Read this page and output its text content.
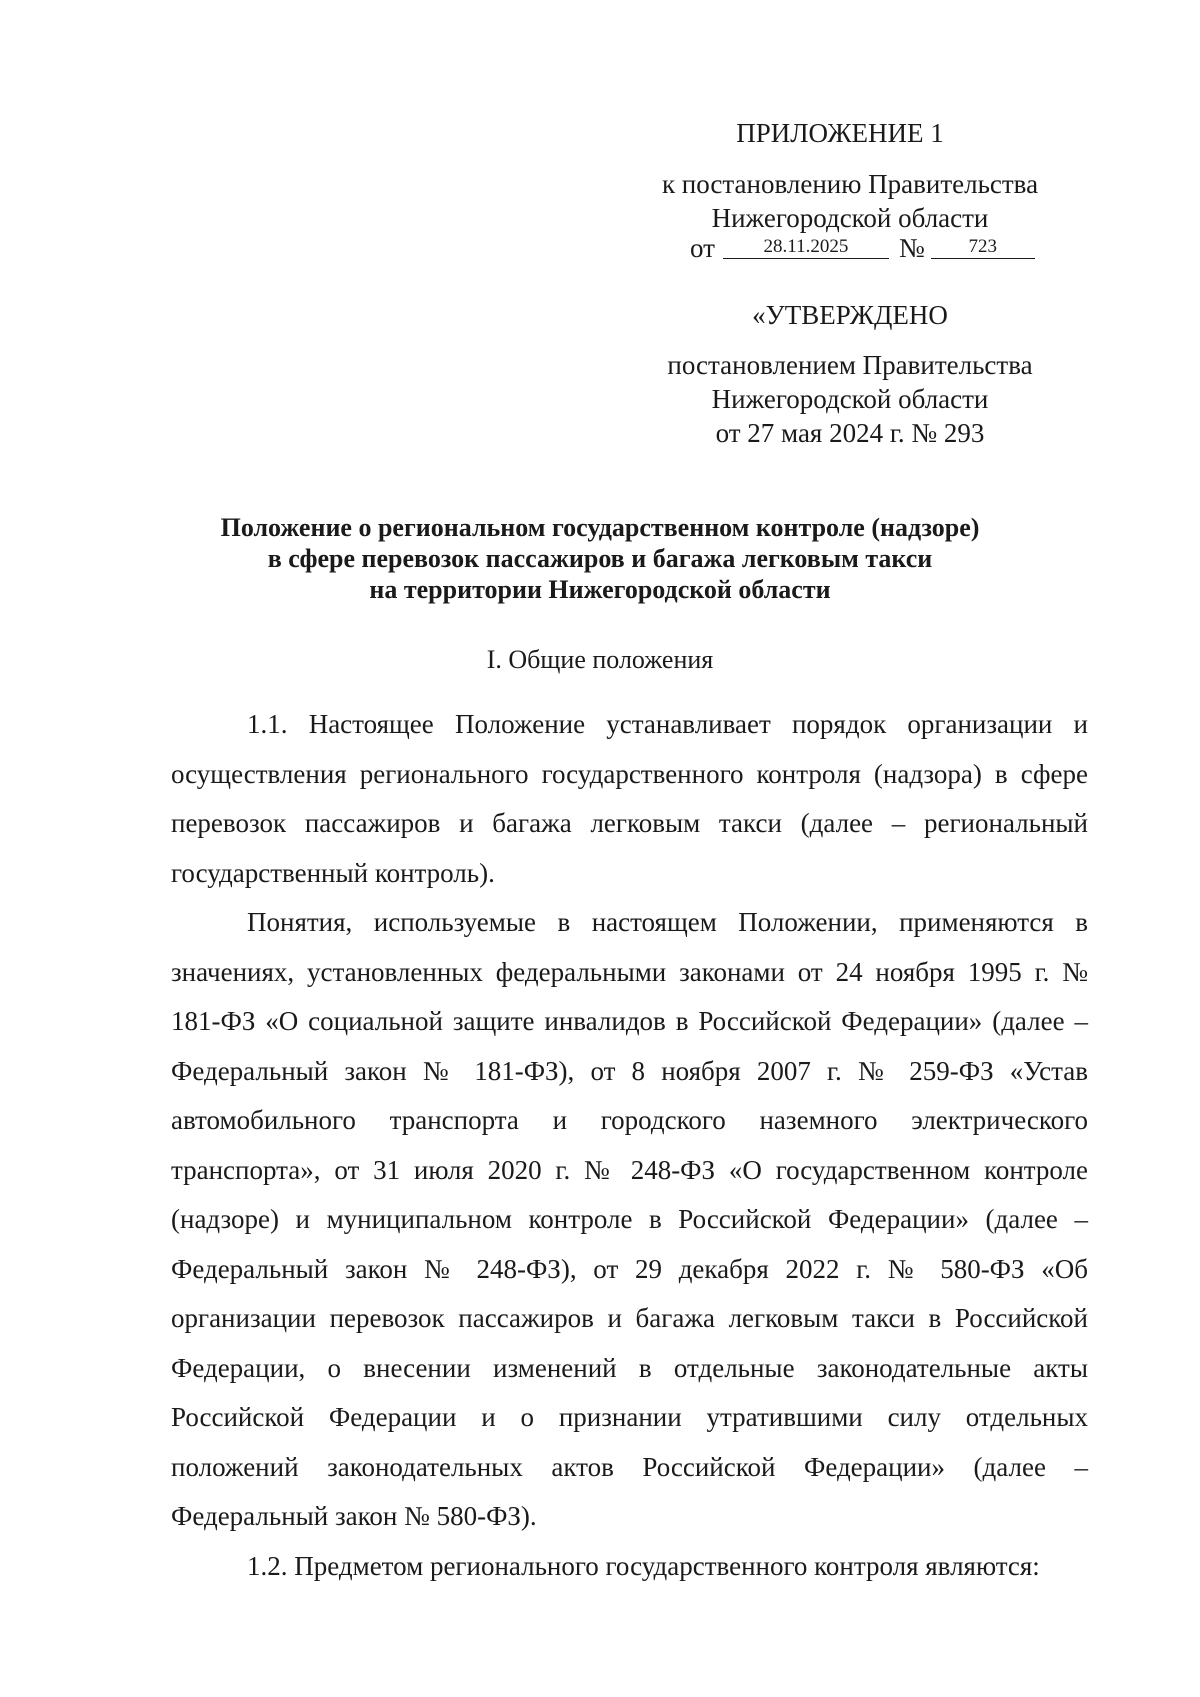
ПРИЛОЖЕНИЕ 1
к постановлению Правительства
Нижегородской области
от	28.11.2025	№	723
«УТВЕРЖДЕНО
постановлением Правительства
Нижегородской области
от 27 мая 2024 г. № 293
Положение о региональном государственном контроле (надзоре)
в сфере перевозок пассажиров и багажа легковым такси
на территории Нижегородской области
I. Общие положения

1.1. Настоящее Положение устанавливает порядок организации и осуществления регионального государственного контроля (надзора) в сфере перевозок пассажиров и багажа легковым такси (далее – региональный государственный контроль).

Понятия, используемые в настоящем Положении, применяются в значениях, установленных федеральными законами от 24 ноября 1995 г. № 181-ФЗ «О социальной защите инвалидов в Российской Федерации» (далее – Федеральный закон № 181-ФЗ), от 8 ноября 2007 г. № 259-ФЗ «Устав автомобильного транспорта и городского наземного электрического транспорта», от 31 июля 2020 г. № 248-ФЗ «О государственном контроле (надзоре) и муниципальном контроле в Российской Федерации» (далее – Федеральный закон № 248-ФЗ), от 29 декабря 2022 г. № 580-ФЗ «Об организации перевозок пассажиров и багажа легковым такси в Российской Федерации, о внесении изменений в отдельные законодательные акты Российской Федерации и о признании утратившими силу отдельных положений законодательных актов Российской Федерации» (далее – Федеральный закон № 580-ФЗ).

1.2. Предметом регионального государственного контроля являются:
